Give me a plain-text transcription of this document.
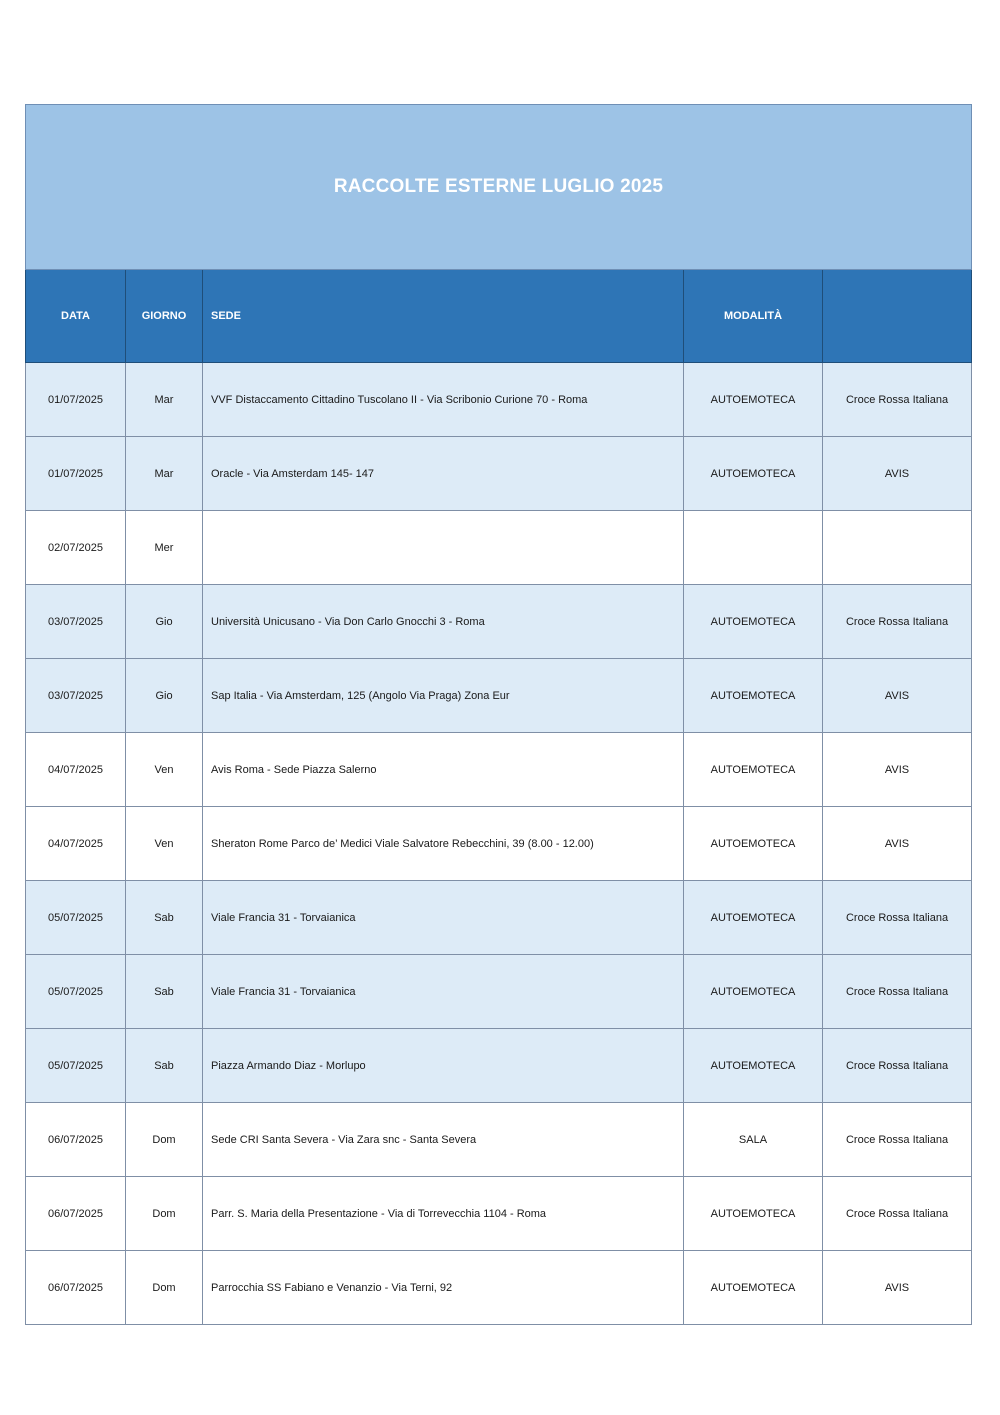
RACCOLTE ESTERNE LUGLIO 2025				
DATA	GIORNO	SEDE	MODALITÀ	
01/07/2025	Mar	VVF Distaccamento Cittadino Tuscolano II - Via Scribonio Curione 70 - Roma	AUTOEMOTECA	Croce Rossa Italiana
01/07/2025	Mar	Oracle - Via Amsterdam 145- 147	AUTOEMOTECA	AVIS
02/07/2025	Mer			
03/07/2025	Gio	Università Unicusano - Via Don Carlo Gnocchi 3 - Roma	AUTOEMOTECA	Croce Rossa Italiana
03/07/2025	Gio	Sap Italia - Via Amsterdam, 125 (Angolo Via Praga) Zona Eur	AUTOEMOTECA	AVIS
04/07/2025	Ven	Avis Roma - Sede Piazza Salerno	AUTOEMOTECA	AVIS
04/07/2025	Ven	Sheraton Rome Parco de’ Medici Viale Salvatore Rebecchini, 39 (8.00 - 12.00)	AUTOEMOTECA	AVIS
05/07/2025	Sab	Viale Francia 31 - Torvaianica	AUTOEMOTECA	Croce Rossa Italiana
05/07/2025	Sab	Viale Francia 31 - Torvaianica	AUTOEMOTECA	Croce Rossa Italiana
05/07/2025	Sab	Piazza Armando Diaz - Morlupo	AUTOEMOTECA	Croce Rossa Italiana
06/07/2025	Dom	Sede CRI Santa Severa - Via Zara snc - Santa Severa	SALA	Croce Rossa Italiana
06/07/2025	Dom	Parr. S. Maria della Presentazione - Via di Torrevecchia 1104 - Roma	AUTOEMOTECA	Croce Rossa Italiana
06/07/2025	Dom	Parrocchia SS Fabiano e Venanzio - Via Terni, 92	AUTOEMOTECA	AVIS
